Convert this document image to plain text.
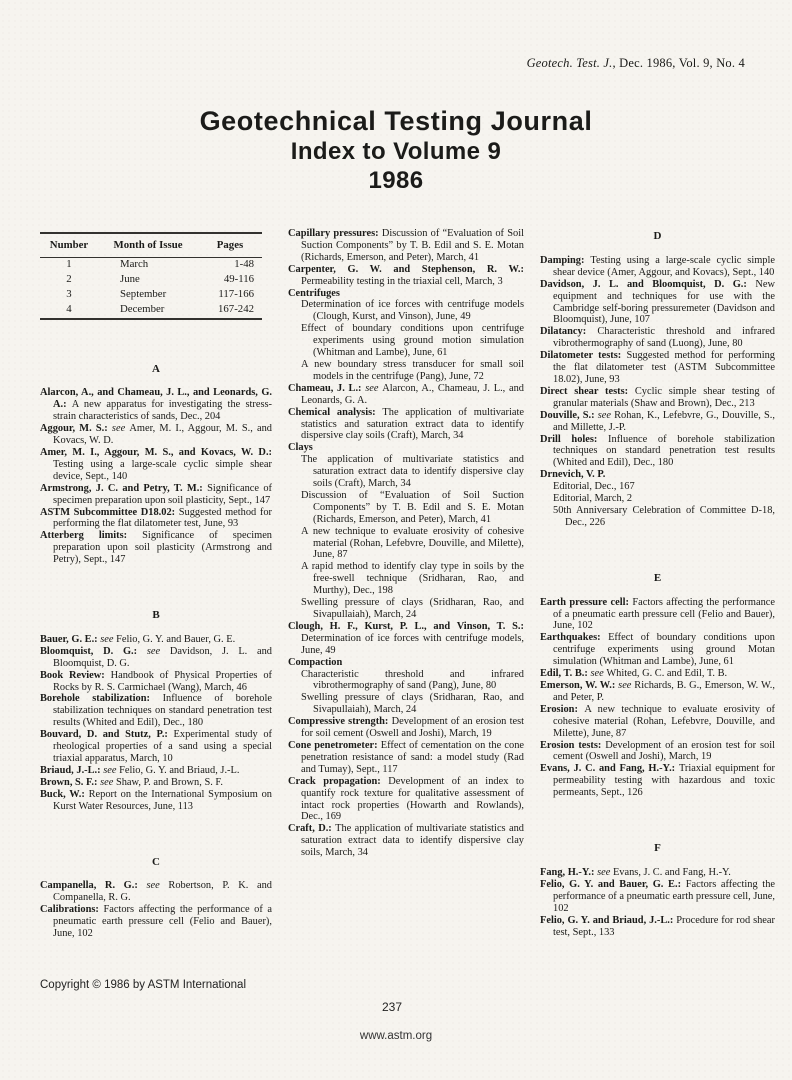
Geotech. Test. J., Dec. 1986, Vol. 9, No. 4
Geotechnical Testing Journal
Index to Volume 9
1986
Number	Month of Issue	Pages
1	March	1-48
2	June	49-116
3	September	117-166
4	December	167-242
A

Alarcon, A., and Chameau, J. L., and Leonards, G. A.: A new apparatus for investigating the stress-strain characteristics of sands, Dec., 204

Aggour, M. S.: see Amer, M. I., Aggour, M. S., and Kovacs, W. D.

Amer, M. I., Aggour, M. S., and Kovacs, W. D.: Testing using a large-scale cyclic simple shear device, Sept., 140

Armstrong, J. C. and Petry, T. M.: Significance of specimen preparation upon soil plasticity, Sept., 147

ASTM Subcommittee D18.02: Suggested method for performing the flat dilatometer test, June, 93

Atterberg limits: Significance of specimen preparation upon soil plasticity (Armstrong and Petry), Sept., 147

B

Bauer, G. E.: see Felio, G. Y. and Bauer, G. E.

Bloomquist, D. G.: see Davidson, J. L. and Bloomquist, D. G.

Book Review: Handbook of Physical Properties of Rocks by R. S. Carmichael (Wang), March, 46

Borehole stabilization: Influence of borehole stabilization techniques on standard penetration test results (Whited and Edil), Dec., 180

Bouvard, D. and Stutz, P.: Experimental study of rheological properties of a sand using a special triaxial apparatus, March, 10

Briaud, J.-L.: see Felio, G. Y. and Briaud, J.-L.

Brown, S. F.: see Shaw, P. and Brown, S. F.

Buck, W.: Report on the International Symposium on Kurst Water Resources, June, 113

C

Campanella, R. G.: see Robertson, P. K. and Companella, R. G.

Calibrations: Factors affecting the performance of a pneumatic earth pressure cell (Felio and Bauer), June, 102

Capillary pressures: Discussion of “Evaluation of Soil Suction Components” by T. B. Edil and S. E. Motan (Richards, Emerson, and Peter), March, 41

Carpenter, G. W. and Stephenson, R. W.: Permeability testing in the triaxial cell, March, 3

Centrifuges

Determination of ice forces with centrifuge models (Clough, Kurst, and Vinson), June, 49

Effect of boundary conditions upon centrifuge experiments using ground motion simulation (Whitman and Lambe), June, 61

A new boundary stress transducer for small soil models in the centrifuge (Pang), June, 72

Chameau, J. L.: see Alarcon, A., Chameau, J. L., and Leonards, G. A.

Chemical analysis: The application of multivariate statistics and saturation extract data to identify dispersive clay soils (Craft), March, 34

Clays

The application of multivariate statistics and saturation extract data to identify dispersive clay soils (Craft), March, 34

Discussion of “Evaluation of Soil Suction Components” by T. B. Edil and S. E. Motan (Richards, Emerson, and Peter), March, 41

A new technique to evaluate erosivity of cohesive material (Rohan, Lefebvre, Douville, and Milette), June, 87

A rapid method to identify clay type in soils by the free-swell technique (Sridharan, Rao, and Murthy), Dec., 198

Swelling pressure of clays (Sridharan, Rao, and Sivapullaiah), March, 24

Clough, H. F., Kurst, P. L., and Vinson, T. S.: Determination of ice forces with centrifuge models, June, 49

Compaction

Characteristic threshold and infrared vibrothermography of sand (Pang), June, 80

Swelling pressure of clays (Sridharan, Rao, and Sivapullaiah), March, 24

Compressive strength: Development of an erosion test for soil cement (Oswell and Joshi), March, 19

Cone penetrometer: Effect of cementation on the cone penetration resistance of sand: a model study (Rad and Tumay), Sept., 117

Crack propagation: Development of an index to quantify rock texture for qualitative assessment of intact rock properties (Howarth and Rowlands), Dec., 169

Craft, D.: The application of multivariate statistics and saturation extract data to identify dispersive clay soils, March, 34

D

Damping: Testing using a large-scale cyclic simple shear device (Amer, Aggour, and Kovacs), Sept., 140

Davidson, J. L. and Bloomquist, D. G.: New equipment and techniques for use with the Cambridge self-boring pressuremeter (Davidson and Bloomquist), June, 107

Dilatancy: Characteristic threshold and infrared vibrothermography of sand (Luong), June, 80

Dilatometer tests: Suggested method for performing the flat dilatometer test (ASTM Subcommittee 18.02), June, 93

Direct shear tests: Cyclic simple shear testing of granular materials (Shaw and Brown), Dec., 213

Douville, S.: see Rohan, K., Lefebvre, G., Douville, S., and Millette, J.-P.

Drill holes: Influence of borehole stabilization techniques on standard penetration test results (Whited and Edil), Dec., 180

Drnevich, V. P.

Editorial, Dec., 167

Editorial, March, 2

50th Anniversary Celebration of Committee D-18, Dec., 226

E

Earth pressure cell: Factors affecting the performance of a pneumatic earth pressure cell (Felio and Bauer), June, 102

Earthquakes: Effect of boundary conditions upon centrifuge experiments using ground Motan simulation (Whitman and Lambe), June, 61

Edil, T. B.: see Whited, G. C. and Edil, T. B.

Emerson, W. W.: see Richards, B. G., Emerson, W. W., and Peter, P.

Erosion: A new technique to evaluate erosivity of cohesive material (Rohan, Lefebvre, Douville, and Milette), June, 87

Erosion tests: Development of an erosion test for soil cement (Oswell and Joshi), March, 19

Evans, J. C. and Fang, H.-Y.: Triaxial equipment for permeability testing with hazardous and toxic permeants, Sept., 126

F

Fang, H.-Y.: see Evans, J. C. and Fang, H.-Y.

Felio, G. Y. and Bauer, G. E.: Factors affecting the performance of a pneumatic earth pressure cell, June, 102

Felio, G. Y. and Briaud, J.-L.: Procedure for rod shear test, Sept., 133

Copyright © 1986 by ASTM International
237
www.astm.org
